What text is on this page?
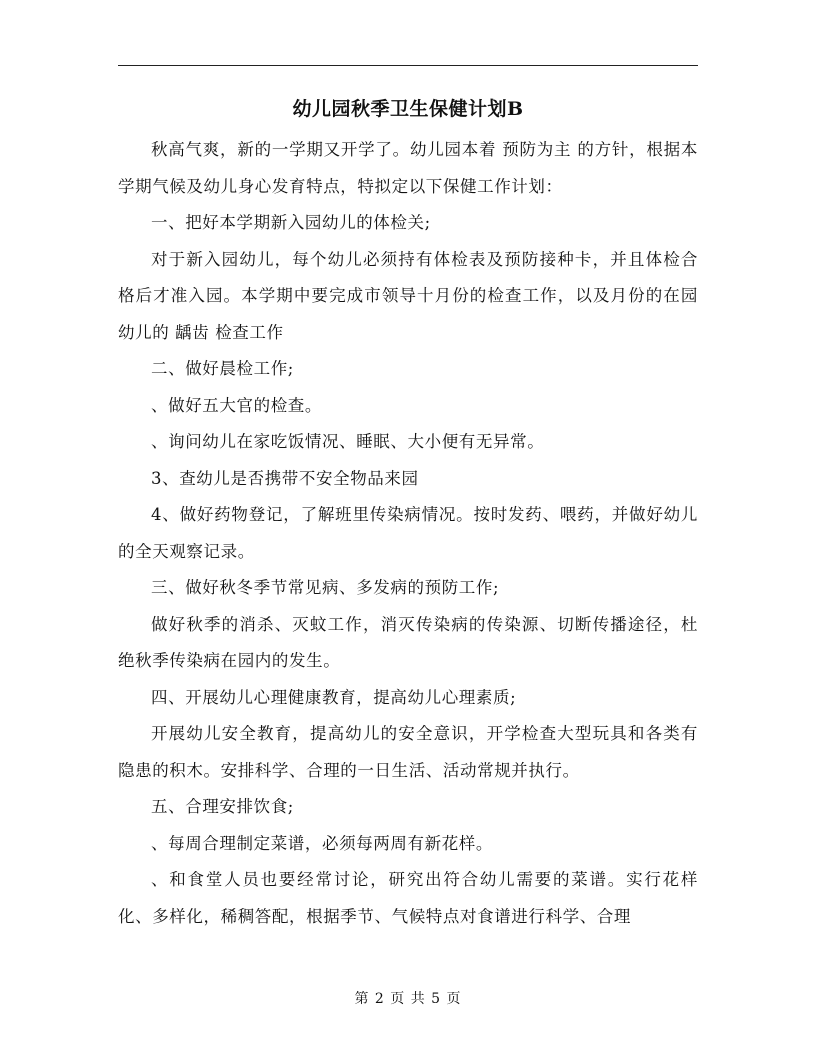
幼儿园秋季卫生保健计划B

秋高气爽，新的一学期又开学了。幼儿园本着 预防为主 的方针，根据本学期气候及幼儿身心发育特点，特拟定以下保健工作计划：

一、把好本学期新入园幼儿的体检关;

对于新入园幼儿，每个幼儿必须持有体检表及预防接种卡，并且体检合格后才准入园。本学期中要完成市领导十月份的检查工作，以及月份的在园幼儿的 龋齿 检查工作

二、做好晨检工作;

、做好五大官的检查。

、询问幼儿在家吃饭情况、睡眠、大小便有无异常。

3、查幼儿是否携带不安全物品来园

4、做好药物登记，了解班里传染病情况。按时发药、喂药，并做好幼儿的全天观察记录。

三、做好秋冬季节常见病、多发病的预防工作;

做好秋季的消杀、灭蚊工作，消灭传染病的传染源、切断传播途径，杜绝秋季传染病在园内的发生。

四、开展幼儿心理健康教育，提高幼儿心理素质;

开展幼儿安全教育，提高幼儿的安全意识，开学检查大型玩具和各类有隐患的积木。安排科学、合理的一日生活、活动常规并执行。

五、合理安排饮食;

、每周合理制定菜谱，必须每两周有新花样。

、和食堂人员也要经常讨论，研究出符合幼儿需要的菜谱。实行花样化、多样化，稀稠答配，根据季节、气候特点对食谱进行科学、合理

第 2 页 共 5 页
